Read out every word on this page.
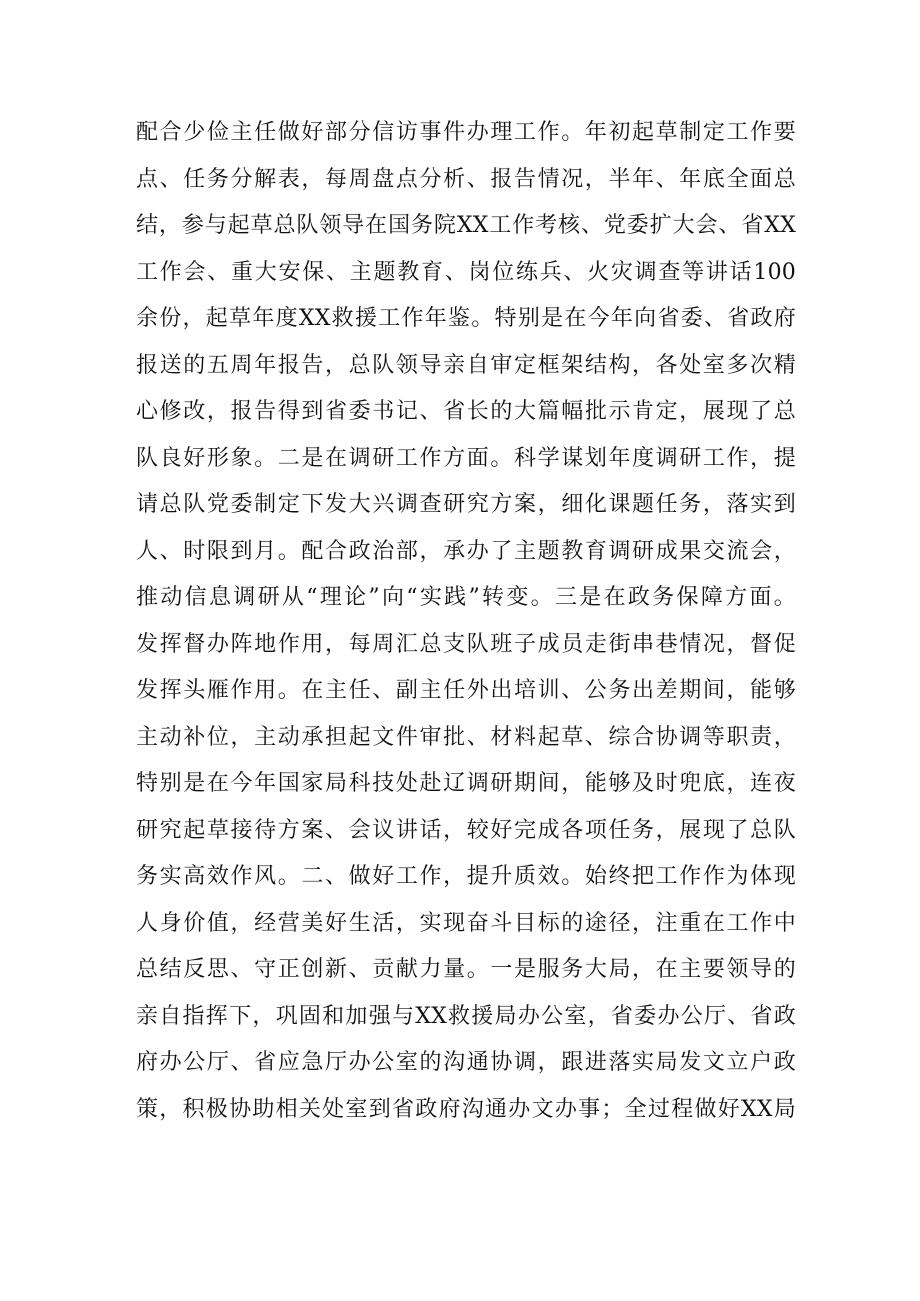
配合少俭主任做好部分信访事件办理工作。年初起草制定工作要
点、任务分解表，每周盘点分析、报告情况，半年、年底全面总
结，参与起草总队领导在国务院XX工作考核、党委扩大会、省XX
工作会、重大安保、主题教育、岗位练兵、火灾调查等讲话100
余份，起草年度XX救援工作年鉴。特别是在今年向省委、省政府
报送的五周年报告，总队领导亲自审定框架结构，各处室多次精
心修改，报告得到省委书记、省长的大篇幅批示肯定，展现了总
队良好形象。二是在调研工作方面。科学谋划年度调研工作，提
请总队党委制定下发大兴调查研究方案，细化课题任务，落实到
人、时限到月。配合政治部，承办了主题教育调研成果交流会，
推动信息调研从“理论”向“实践”转变。三是在政务保障方面。
发挥督办阵地作用，每周汇总支队班子成员走街串巷情况，督促
发挥头雁作用。在主任、副主任外出培训、公务出差期间，能够
主动补位，主动承担起文件审批、材料起草、综合协调等职责，
特别是在今年国家局科技处赴辽调研期间，能够及时兜底，连夜
研究起草接待方案、会议讲话，较好完成各项任务，展现了总队
务实高效作风。二、做好工作，提升质效。始终把工作作为体现
人身价值，经营美好生活，实现奋斗目标的途径，注重在工作中
总结反思、守正创新、贡献力量。一是服务大局，在主要领导的
亲自指挥下，巩固和加强与XX救援局办公室，省委办公厅、省政
府办公厅、省应急厅办公室的沟通协调，跟进落实局发文立户政
策，积极协助相关处室到省政府沟通办文办事；全过程做好XX局
